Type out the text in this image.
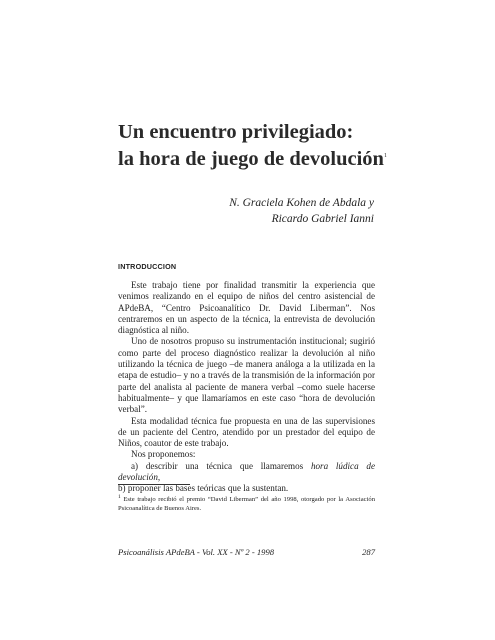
Un encuentro privilegiado:
la hora de juego de devolución$^1$
N. Graciela Kohen de Abdala y
Ricardo Gabriel Ianni
INTRODUCCION

Este trabajo tiene por finalidad transmitir la experiencia que venimos realizando en el equipo de niños del centro asistencial de APdeBA, “Centro Psicoanalítico Dr. David Liberman”. Nos centraremos en un aspecto de la técnica, la entrevista de devolución diagnóstica al niño.

Uno de nosotros propuso su instrumentación institucional; sugirió como parte del proceso diagnóstico realizar la devolución al niño utilizando la técnica de juego –de manera análoga a la utilizada en la etapa de estudio– y no a través de la transmisión de la información por parte del analista al paciente de manera verbal –como suele hacerse habitualmente– y que llamaríamos en este caso “hora de devolución verbal”.

Esta modalidad técnica fue propuesta en una de las supervisiones de un paciente del Centro, atendido por un prestador del equipo de Niños, coautor de este trabajo.

Nos proponemos:

a) describir una técnica que llamaremos hora lúdica de devolución,

b) proponer las bases teóricas que la sustentan.

$^1$ Este trabajo recibió el premio “David Liberman” del año 1998, otorgado por la Asociación Psicoanalítica de Buenos Aires.
Psicoanálisis APdeBA - Vol. XX - Nº 2 - 1998	287
